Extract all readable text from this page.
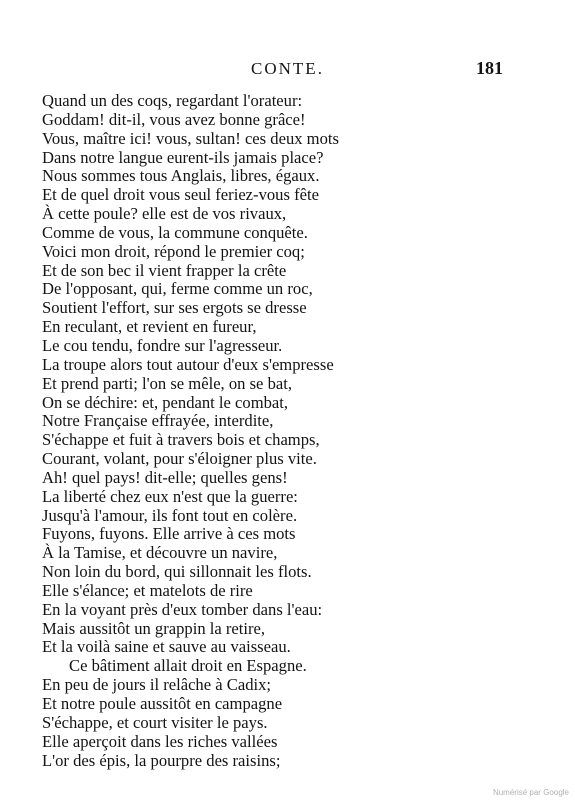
CONTE.	181
Quand un des coqs, regardant l'orateur:
Goddam! dit-il, vous avez bonne grâce!
Vous, maître ici! vous, sultan! ces deux mots
Dans notre langue eurent-ils jamais place?
Nous sommes tous Anglais, libres, égaux.
Et de quel droit vous seul feriez-vous fête
À cette poule? elle est de vos rivaux,
Comme de vous, la commune conquête.
Voici mon droit, répond le premier coq;
Et de son bec il vient frapper la crête
De l'opposant, qui, ferme comme un roc,
Soutient l'effort, sur ses ergots se dresse
En reculant, et revient en fureur,
Le cou tendu, fondre sur l'agresseur.
La troupe alors tout autour d'eux s'empresse
Et prend parti; l'on se mêle, on se bat,
On se déchire: et, pendant le combat,
Notre Française effrayée, interdite,
S'échappe et fuit à travers bois et champs,
Courant, volant, pour s'éloigner plus vite.
Ah! quel pays! dit-elle; quelles gens!
La liberté chez eux n'est que la guerre:
Jusqu'à l'amour, ils font tout en colère.
Fuyons, fuyons. Elle arrive à ces mots
À la Tamise, et découvre un navire,
Non loin du bord, qui sillonnait les flots.
Elle s'élance; et matelots de rire
En la voyant près d'eux tomber dans l'eau:
Mais aussitôt un grappin la retire,
Et la voilà saine et sauve au vaisseau.
Ce bâtiment allait droit en Espagne.
En peu de jours il relâche à Cadix;
Et notre poule aussitôt en campagne
S'échappe, et court visiter le pays.
Elle aperçoit dans les riches vallées
L'or des épis, la pourpre des raisins;
Numérisé par Google
